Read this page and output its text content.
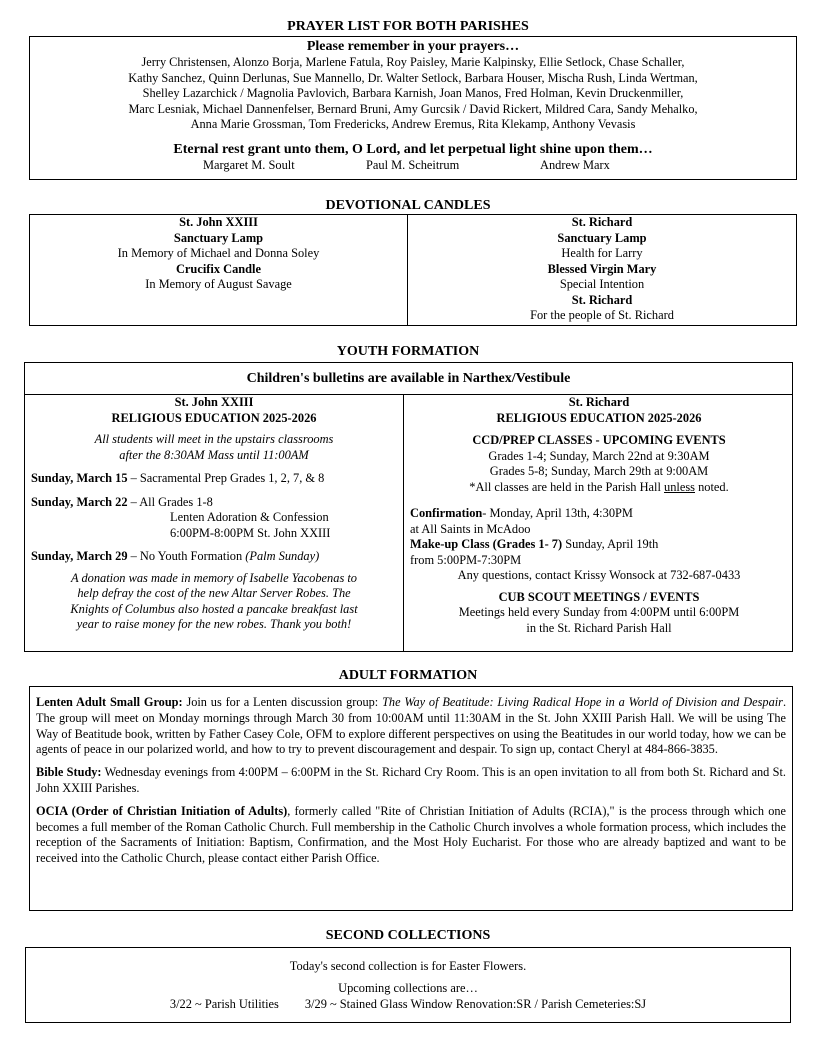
PRAYER LIST FOR BOTH PARISHES
Please remember in your prayers…
Jerry Christensen, Alonzo Borja, Marlene Fatula, Roy Paisley, Marie Kalpinsky, Ellie Setlock, Chase Schaller,
Kathy Sanchez, Quinn Derlunas, Sue Mannello, Dr. Walter Setlock, Barbara Houser, Mischa Rush, Linda Wertman,
Shelley Lazarchick / Magnolia Pavlovich, Barbara Karnish, Joan Manos, Fred Holman, Kevin Druckenmiller,
Marc Lesniak, Michael Dannenfelser, Bernard Bruni, Amy Gurcsik / David Rickert, Mildred Cara, Sandy Mehalko,
Anna Marie Grossman, Tom Fredericks, Andrew Eremus, Rita Klekamp, Anthony Vevasis
Eternal rest grant unto them, O Lord, and let perpetual light shine upon them…
Margaret M. Soult	Paul M. Scheitrum	Andrew Marx
DEVOTIONAL CANDLES
St. John XXIII
Sanctuary Lamp
In Memory of Michael and Donna Soley
Crucifix Candle
In Memory of August Savage
St. Richard
Sanctuary Lamp
Health for Larry
Blessed Virgin Mary
Special Intention
St. Richard
For the people of St. Richard
YOUTH FORMATION
Children's bulletins are available in Narthex/Vestibule
St. John XXIII
RELIGIOUS EDUCATION 2025-2026
All students will meet in the upstairs classrooms
after the 8:30AM Mass until 11:00AM
Sunday, March 15 – Sacramental Prep Grades 1, 2, 7, & 8
Sunday, March 22 – All Grades 1-8
Lenten Adoration & Confession
6:00PM-8:00PM St. John XXIII
Sunday, March 29 – No Youth Formation (Palm Sunday)
A donation was made in memory of Isabelle Yacobenas to
help defray the cost of the new Altar Server Robes. The
Knights of Columbus also hosted a pancake breakfast last
year to raise money for the new robes. Thank you both!
St. Richard
RELIGIOUS EDUCATION 2025-2026
CCD/PREP CLASSES - UPCOMING EVENTS
Grades 1-4; Sunday, March 22nd at 9:30AM
Grades 5-8; Sunday, March 29th at 9:00AM
*All classes are held in the Parish Hall unless noted.
Confirmation- Monday, April 13th, 4:30PM
at All Saints in McAdoo
Make-up Class (Grades 1- 7) Sunday, April 19th
from 5:00PM-7:30PM
Any questions, contact Krissy Wonsock at 732-687-0433
CUB SCOUT MEETINGS / EVENTS
Meetings held every Sunday from 4:00PM until 6:00PM
in the St. Richard Parish Hall
ADULT FORMATION
Lenten Adult Small Group: Join us for a Lenten discussion group: The Way of Beatitude: Living Radical Hope in a World of Division and Despair. The group will meet on Monday mornings through March 30 from 10:00AM until 11:30AM in the St. John XXIII Parish Hall. We will be using The Way of Beatitude book, written by Father Casey Cole, OFM to explore different perspectives on using the Beatitudes in our world today, how we can be agents of peace in our polarized world, and how to try to prevent discouragement and despair. To sign up, contact Cheryl at 484-866-3835.
Bible Study: Wednesday evenings from 4:00PM – 6:00PM in the St. Richard Cry Room. This is an open invitation to all from both St. Richard and St. John XXIII Parishes.
OCIA (Order of Christian Initiation of Adults), formerly called "Rite of Christian Initiation of Adults (RCIA)," is the process through which one becomes a full member of the Roman Catholic Church. Full membership in the Catholic Church involves a whole formation process, which includes the reception of the Sacraments of Initiation: Baptism, Confirmation, and the Most Holy Eucharist. For those who are already baptized and want to be received into the Catholic Church, please contact either Parish Office.
SECOND COLLECTIONS
Today's second collection is for Easter Flowers.
Upcoming collections are…
3/22 ~ Parish Utilities 3/29 ~ Stained Glass Window Renovation:SR / Parish Cemeteries:SJ
